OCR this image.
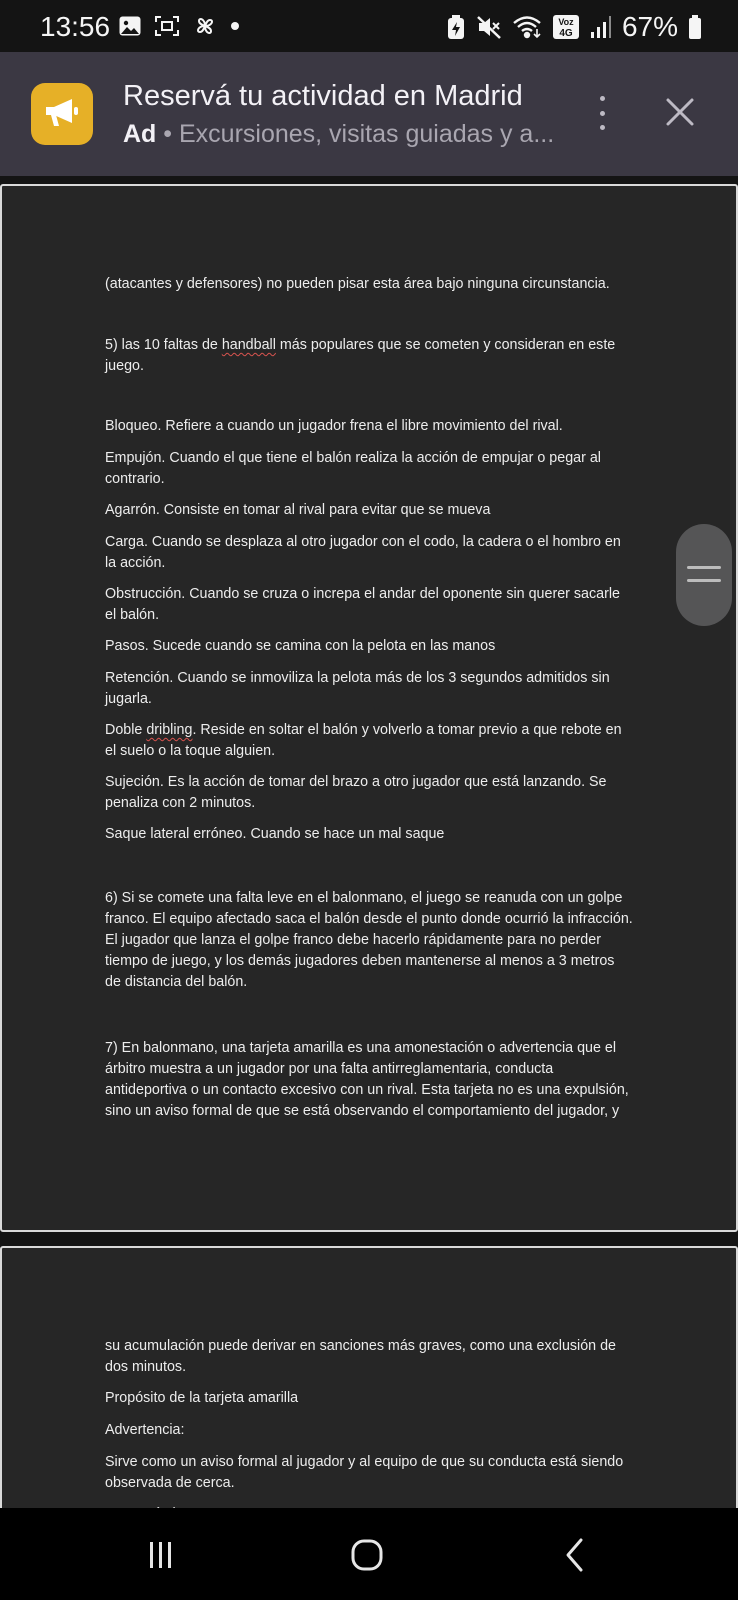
13:56	Voz
4G 67%
Reservá tu actividad en Madrid
Ad • Excursiones, visitas guiadas y a...

(atacantes y defensores) no pueden pisar esta área bajo ninguna circunstancia.

5) las 10 faltas de handball más populares que se cometen y consideran en este juego.

Bloqueo. Refiere a cuando un jugador frena el libre movimiento del rival.

Empujón. Cuando el que tiene el balón realiza la acción de empujar o pegar al contrario.

Agarrón. Consiste en tomar al rival para evitar que se mueva

Carga. Cuando se desplaza al otro jugador con el codo, la cadera o el hombro en la acción.

Obstrucción. Cuando se cruza o increpa el andar del oponente sin querer sacarle el balón.

Pasos. Sucede cuando se camina con la pelota en las manos

Retención. Cuando se inmoviliza la pelota más de los 3 segundos admitidos sin jugarla.

Doble dribling. Reside en soltar el balón y volverlo a tomar previo a que rebote en el suelo o la toque alguien.

Sujeción. Es la acción de tomar del brazo a otro jugador que está lanzando. Se penaliza con 2 minutos.

Saque lateral erróneo. Cuando se hace un mal saque

6) Si se comete una falta leve en el balonmano, el juego se reanuda con un golpe franco. El equipo afectado saca el balón desde el punto donde ocurrió la infracción. El jugador que lanza el golpe franco debe hacerlo rápidamente para no perder tiempo de juego, y los demás jugadores deben mantenerse al menos a 3 metros de distancia del balón.

7) En balonmano, una tarjeta amarilla es una amonestación o advertencia que el árbitro muestra a un jugador por una falta antirreglamentaria, conducta antideportiva o un contacto excesivo con un rival. Esta tarjeta no es una expulsión, sino un aviso formal de que se está observando el comportamiento del jugador, y

su acumulación puede derivar en sanciones más graves, como una exclusión de dos minutos.

Propósito de la tarjeta amarilla

Advertencia:

Sirve como un aviso formal al jugador y al equipo de que su conducta está siendo observada de cerca.
